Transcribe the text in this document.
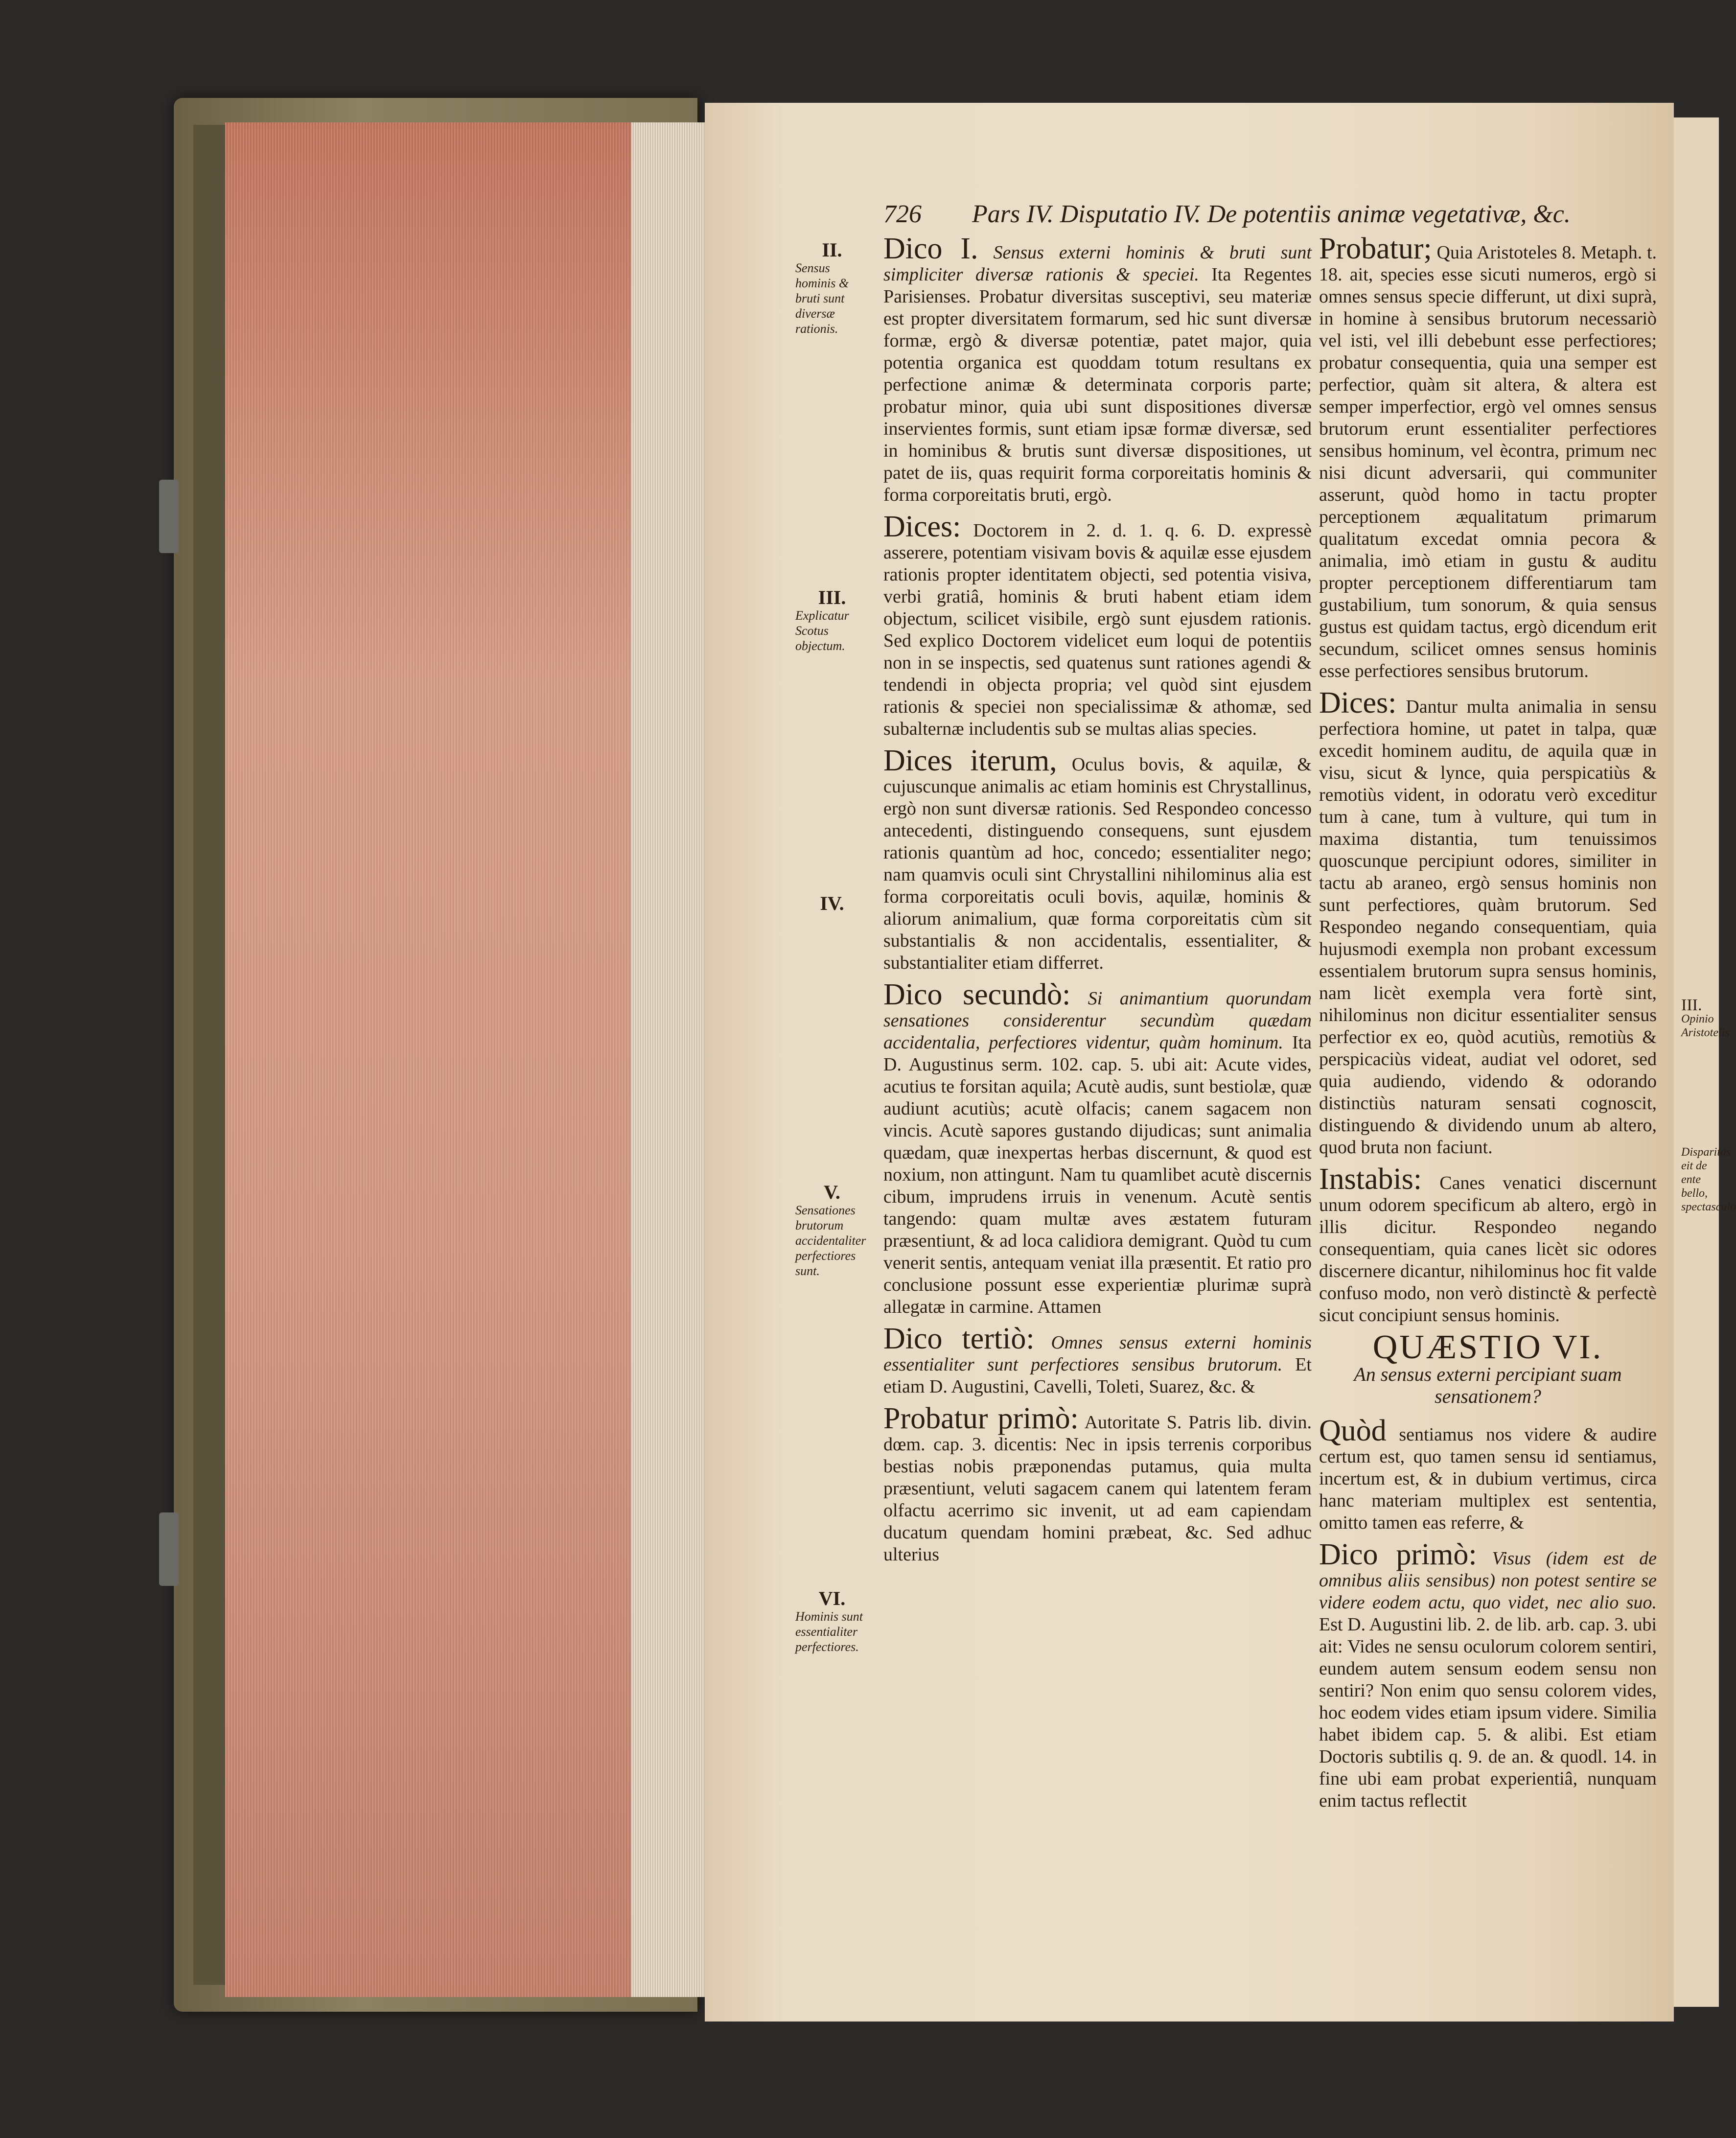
726 Pars IV. Disputatio IV. De potentiis animæ vegetativæ, &c.
II.
Sensus hominis & bruti sunt diversæ rationis.
III.
Explicatur Scotus objectum.
IV.
V.
Sensationes brutorum accidentaliter perfectiores sunt.
VI.
Hominis sunt essentialiter perfectiores.
III.
Opinio Aristotelis
Disparitas eit de ente bello, spectasculo

Dico I. Sensus externi hominis & bruti sunt simpliciter diversæ rationis & speciei. Ita Regentes Parisienses. Probatur diversitas susceptivi, seu materiæ est propter diversitatem formarum, sed hic sunt diversæ formæ, ergò & diversæ potentiæ, patet major, quia potentia organica est quoddam totum resultans ex perfectione animæ & determinata corporis parte; probatur minor, quia ubi sunt dispositiones diversæ inservientes formis, sunt etiam ipsæ formæ diversæ, sed in hominibus & brutis sunt diversæ dispositiones, ut patet de iis, quas requirit forma corporeitatis hominis & forma corporeitatis bruti, ergò.

Dices: Doctorem in 2. d. 1. q. 6. D. expressè asserere, potentiam visivam bovis & aquilæ esse ejusdem rationis propter identitatem objecti, sed potentia visiva, verbi gratiâ, hominis & bruti habent etiam idem objectum, scilicet visibile, ergò sunt ejusdem rationis. Sed explico Doctorem videlicet eum loqui de potentiis non in se inspectis, sed quatenus sunt rationes agendi & tendendi in objecta propria; vel quòd sint ejusdem rationis & speciei non specialissimæ & athomæ, sed subalternæ includentis sub se multas alias species.

Dices iterum, Oculus bovis, & aquilæ, & cujuscunque animalis ac etiam hominis est Chrystallinus, ergò non sunt diversæ rationis. Sed Respondeo concesso antecedenti, distinguendo consequens, sunt ejusdem rationis quantùm ad hoc, concedo; essentialiter nego; nam quamvis oculi sint Chrystallini nihilominus alia est forma corporeitatis oculi bovis, aquilæ, hominis & aliorum animalium, quæ forma corporeitatis cùm sit substantialis & non accidentalis, essentialiter, & substantialiter etiam differret.

Dico secundò: Si animantium quorundam sensationes considerentur secundùm quædam accidentalia, perfectiores videntur, quàm hominum. Ita D. Augustinus serm. 102. cap. 5. ubi ait: Acute vides, acutius te forsitan aquila; Acutè audis, sunt bestiolæ, quæ audiunt acutiùs; acutè olfacis; canem sagacem non vincis. Acutè sapores gustando dijudicas; sunt animalia quædam, quæ inexpertas herbas discernunt, & quod est noxium, non attingunt. Nam tu quamlibet acutè discernis cibum, imprudens irruis in venenum. Acutè sentis tangendo: quam multæ aves æstatem futuram præsentiunt, & ad loca calidiora demigrant. Quòd tu cum venerit sentis, antequam veniat illa præsentit. Et ratio pro conclusione possunt esse experientiæ plurimæ suprà allegatæ in carmine. Attamen

Dico tertiò: Omnes sensus externi hominis essentialiter sunt perfectiores sensibus brutorum. Et etiam D. Augustini, Cavelli, Toleti, Suarez, &c. &

Probatur primò: Autoritate S. Patris lib. divin. dœm. cap. 3. dicentis: Nec in ipsis terrenis corporibus bestias nobis præponendas putamus, quia multa præsentiunt, veluti sagacem canem qui latentem feram olfactu acerrimo sic invenit, ut ad eam capiendam ducatum quendam homini præbeat, &c. Sed adhuc ulterius

Probatur; Quia Aristoteles 8. Metaph. t. 18. ait, species esse sicuti numeros, ergò si omnes sensus specie differunt, ut dixi suprà, in homine à sensibus brutorum necessariò vel isti, vel illi debebunt esse perfectiores; probatur consequentia, quia una semper est perfectior, quàm sit altera, & altera est semper imperfectior, ergò vel omnes sensus brutorum erunt essentialiter perfectiores sensibus hominum, vel ècontra, primum nec nisi dicunt adversarii, qui communiter asserunt, quòd homo in tactu propter perceptionem æqualitatum primarum qualitatum excedat omnia pecora & animalia, imò etiam in gustu & auditu propter perceptionem differentiarum tam gustabilium, tum sonorum, & quia sensus gustus est quidam tactus, ergò dicendum erit secundum, scilicet omnes sensus hominis esse perfectiores sensibus brutorum.

Dices: Dantur multa animalia in sensu perfectiora homine, ut patet in talpa, quæ excedit hominem auditu, de aquila quæ in visu, sicut & lynce, quia perspicatiùs & remotiùs vident, in odoratu verò exceditur tum à cane, tum à vulture, qui tum in maxima distantia, tum tenuissimos quoscunque percipiunt odores, similiter in tactu ab araneo, ergò sensus hominis non sunt perfectiores, quàm brutorum. Sed Respondeo negando consequentiam, quia hujusmodi exempla non probant excessum essentialem brutorum supra sensus hominis, nam licèt exempla vera fortè sint, nihilominus non dicitur essentialiter sensus perfectior ex eo, quòd acutiùs, remotiùs & perspicaciùs videat, audiat vel odoret, sed quia audiendo, videndo & odorando distinctiùs naturam sensati cognoscit, distinguendo & dividendo unum ab altero, quod bruta non faciunt.

Instabis: Canes venatici discernunt unum odorem specificum ab altero, ergò in illis dicitur. Respondeo negando consequentiam, quia canes licèt sic odores discernere dicantur, nihilominus hoc fit valde confuso modo, non verò distinctè & perfectè sicut concipiunt sensus hominis.

QUÆSTIO VI.
An sensus externi percipiant suam sensationem?

Quòd sentiamus nos videre & audire certum est, quo tamen sensu id sentiamus, incertum est, & in dubium vertimus, circa hanc materiam multiplex est sententia, omitto tamen eas referre, &

Dico primò: Visus (idem est de omnibus aliis sensibus) non potest sentire se videre eodem actu, quo videt, nec alio suo. Est D. Augustini lib. 2. de lib. arb. cap. 3. ubi ait: Vides ne sensu oculorum colorem sentiri, eundem autem sensum eodem sensu non sentiri? Non enim quo sensu colorem vides, hoc eodem vides etiam ipsum videre. Similia habet ibidem cap. 5. & alibi. Est etiam Doctoris subtilis q. 9. de an. & quodl. 14. in fine ubi eam probat experientiâ, nunquam enim tactus reflectit
